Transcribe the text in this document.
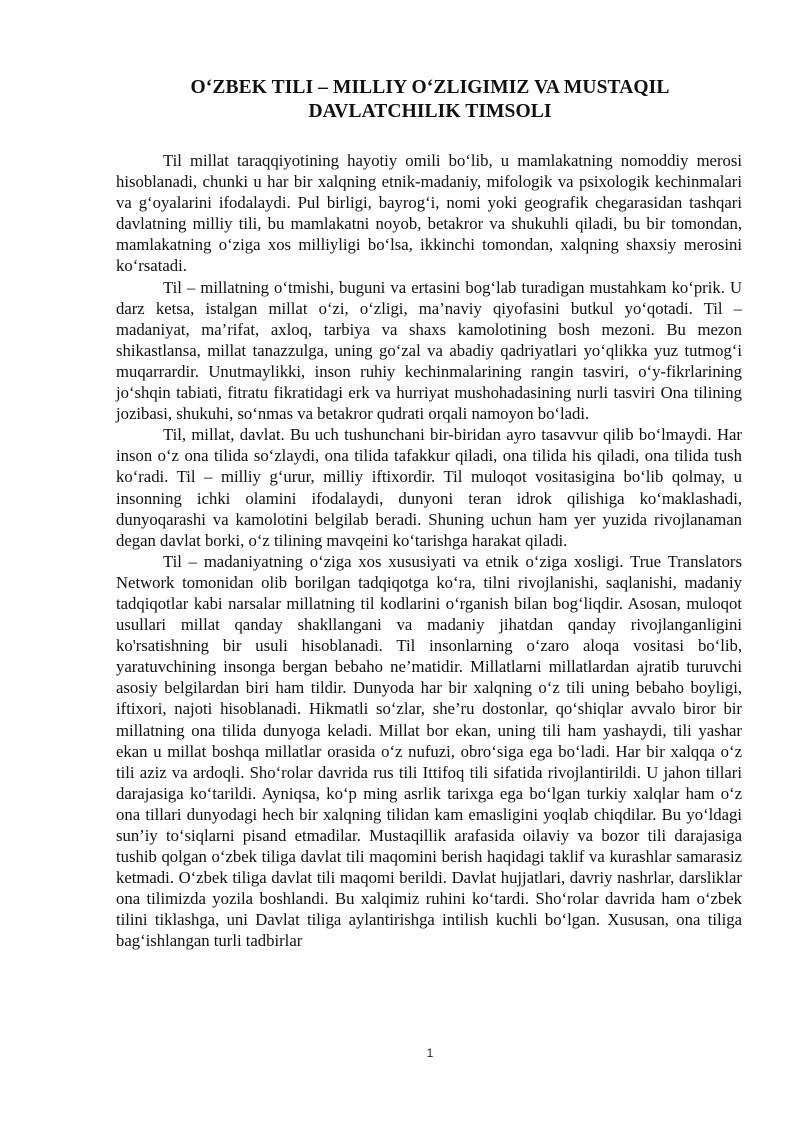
O‘ZBEK TILI – MILLIY O‘ZLIGIMIZ VA MUSTAQIL
DAVLATCHILIK TIMSOLI

Til millat taraqqiyotining hayotiy omili bo‘lib, u mamlakatning nomoddiy merosi hisoblanadi, chunki u har bir xalqning etnik-madaniy, mifologik va psixologik kechinmalari va g‘oyalarini ifodalaydi. Pul birligi, bayrog‘i, nomi yoki geografik chegarasidan tashqari davlatning milliy tili, bu mamlakatni noyob, betakror va shukuhli qiladi, bu bir tomondan, mamlakatning o‘ziga xos milliyligi bo‘lsa, ikkinchi tomondan, xalqning shaxsiy merosini ko‘rsatadi.

Til – millatning o‘tmishi, buguni va ertasini bog‘lab turadigan mustahkam ko‘prik. U darz ketsa, istalgan millat o‘zi, o‘zligi, ma’naviy qiyofasini butkul yo‘qotadi. Til – madaniyat, ma’rifat, axloq, tarbiya va shaxs kamolotining bosh mezoni. Bu mezon shikastlansa, millat tanazzulga, uning go‘zal va abadiy qadriyatlari yo‘qlikka yuz tutmog‘i muqarrardir. Unutmaylikki, inson ruhiy kechinmalarining rangin tasviri, o‘y-fikrlarining jo‘shqin tabiati, fitratu fikratidagi erk va hurriyat mushohadasining nurli tasviri Ona tilining jozibasi, shukuhi, so‘nmas va betakror qudrati orqali namoyon bo‘ladi.

Til, millat, davlat. Bu uch tushunchani bir-biridan ayro tasavvur qilib bo‘lmaydi. Har inson o‘z ona tilida so‘zlaydi, ona tilida tafakkur qiladi, ona tilida his qiladi, ona tilida tush ko‘radi. Til – milliy g‘urur, milliy iftixordir. Til muloqot vositasigina bo‘lib qolmay, u insonning ichki olamini ifodalaydi, dunyoni teran idrok qilishiga ko‘maklashadi, dunyoqarashi va kamolotini belgilab beradi. Shuning uchun ham yer yuzida rivojlanaman degan davlat borki, o‘z tilining mavqeini ko‘tarishga harakat qiladi.

Til – madaniyatning o‘ziga xos xususiyati va etnik o‘ziga xosligi. True Translators Network tomonidan olib borilgan tadqiqotga ko‘ra, tilni rivojlanishi, saqlanishi, madaniy tadqiqotlar kabi narsalar millatning til kodlarini o‘rganish bilan bog‘liqdir. Asosan, muloqot usullari millat qanday shakllangani va madaniy jihatdan qanday rivojlanganligini ko'rsatishning bir usuli hisoblanadi. Til insonlarning o‘zaro aloqa vositasi bo‘lib, yaratuvchining insonga bergan bebaho ne’matidir. Millatlarni millatlardan ajratib turuvchi asosiy belgilardan biri ham tildir. Dunyoda har bir xalqning o‘z tili uning bebaho boyligi, iftixori, najoti hisoblanadi. Hikmatli so‘zlar, she’ru dostonlar, qo‘shiqlar avvalo biror bir millatning ona tilida dunyoga keladi. Millat bor ekan, uning tili ham yashaydi, tili yashar ekan u millat boshqa millatlar orasida o‘z nufuzi, obro‘siga ega bo‘ladi. Har bir xalqqa o‘z tili aziz va ardoqli. Sho‘rolar davrida rus tili Ittifoq tili sifatida rivojlantirildi. U jahon tillari darajasiga ko‘tarildi. Ayniqsa, ko‘p ming asrlik tarixga ega bo‘lgan turkiy xalqlar ham o‘z ona tillari dunyodagi hech bir xalqning tilidan kam emasligini yoqlab chiqdilar. Bu yo‘ldagi sun’iy to‘siqlarni pisand etmadilar. Mustaqillik arafasida oilaviy va bozor tili darajasiga tushib qolgan o‘zbek tiliga davlat tili maqomini berish haqidagi taklif va kurashlar samarasiz ketmadi. O‘zbek tiliga davlat tili maqomi berildi. Davlat hujjatlari, davriy nashrlar, darsliklar ona tilimizda yozila boshlandi. Bu xalqimiz ruhini ko‘tardi. Sho‘rolar davrida ham o‘zbek tilini tiklashga, uni Davlat tiliga aylantirishga intilish kuchli bo‘lgan. Xususan, ona tiliga bag‘ishlangan turli tadbirlar

1
